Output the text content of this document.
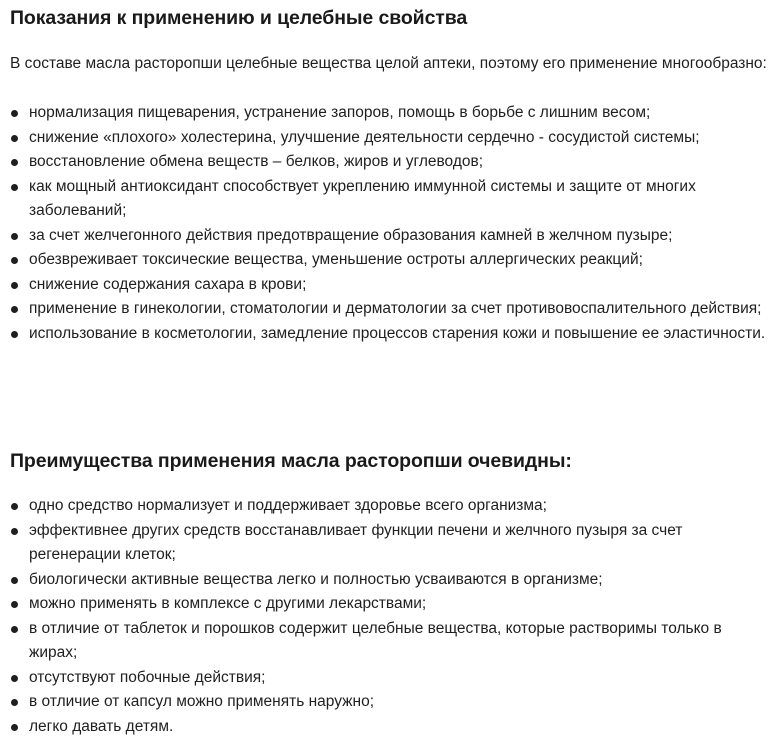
Показания к применению и целебные свойства

В составе масла расторопши целебные вещества целой аптеки, поэтому его применение многообразно:

нормализация пищеварения, устранение запоров, помощь в борьбе с лишним весом;
снижение «плохого» холестерина, улучшение деятельности сердечно - сосудистой системы;
восстановление обмена веществ – белков, жиров и углеводов;
как мощный антиоксидант способствует укреплению иммунной системы и защите от многих заболеваний;
за счет желчегонного действия предотвращение образования камней в желчном пузыре;
обезвреживает токсические вещества, уменьшение остроты аллергических реакций;
снижение содержания сахара в крови;
применение в гинекологии, стоматологии и дерматологии за счет противовоспалительного действия;
использование в косметологии, замедление процессов старения кожи и повышение ее эластичности.
Преимущества применения масла расторопши очевидны:
одно средство нормализует и поддерживает здоровье всего организма;
эффективнее других средств восстанавливает функции печени и желчного пузыря за счет регенерации клеток;
биологически активные вещества легко и полностью усваиваются в организме;
можно применять в комплексе с другими лекарствами;
в отличие от таблеток и порошков содержит целебные вещества, которые растворимы только в жирах;
отсутствуют побочные действия;
в отличие от капсул можно применять наружно;
легко давать детям.
